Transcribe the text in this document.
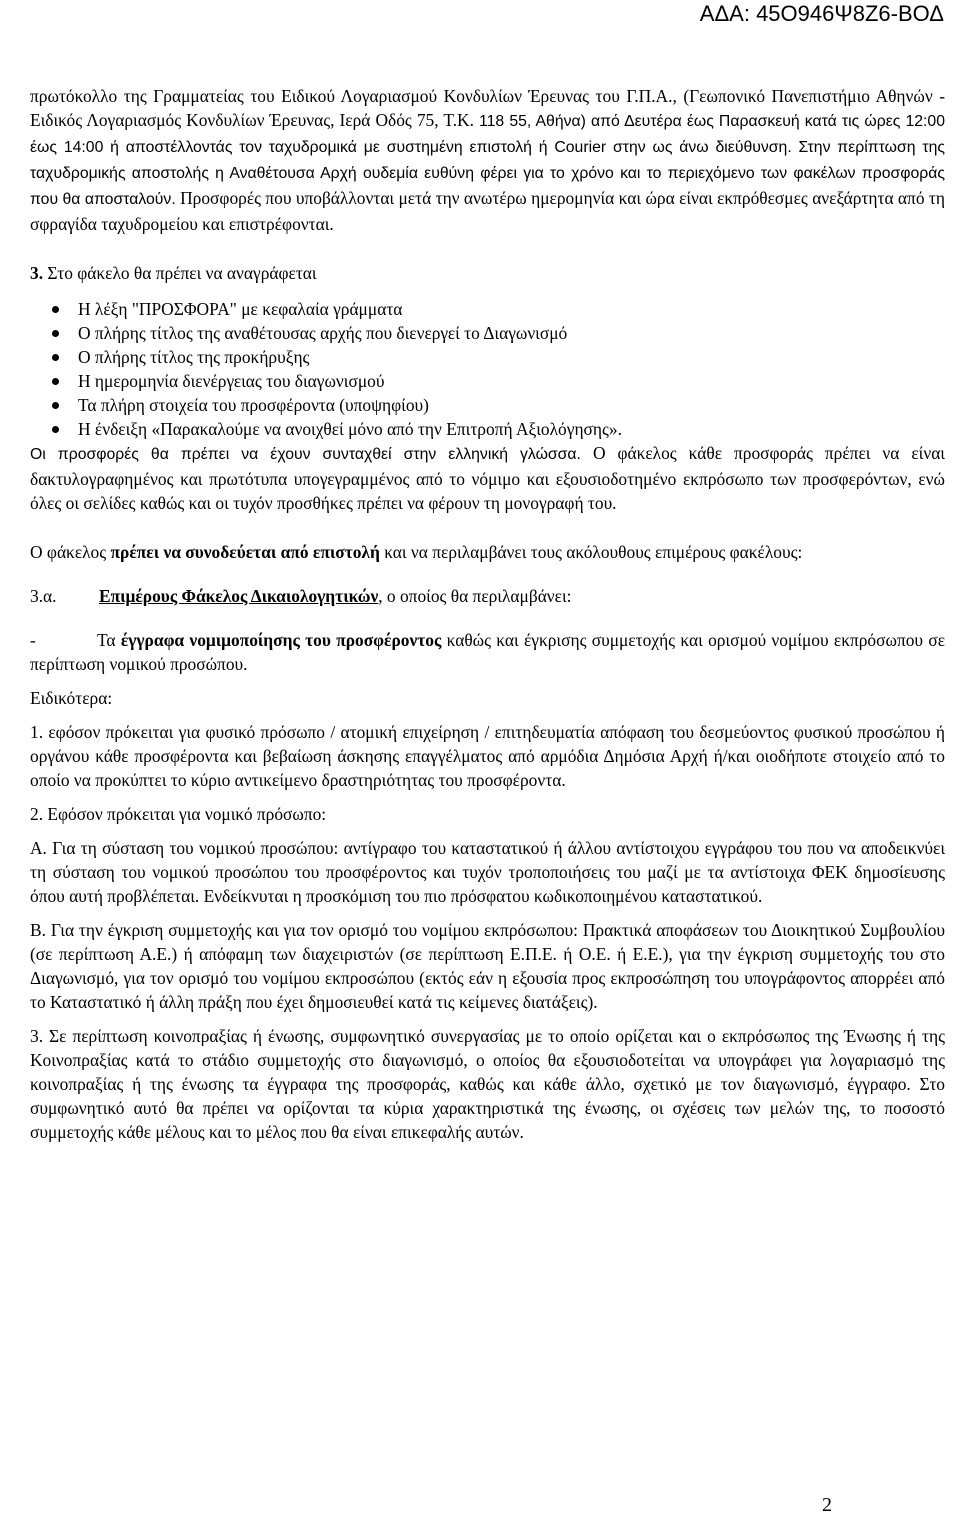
ΑΔΑ: 45Ο946Ψ8Ζ6-ΒΟΔ

πρωτόκολλο της Γραμματείας του Ειδικού Λογαριασμού Κονδυλίων Έρευνας του Γ.Π.Α., (Γεωπονικό Πανεπιστήμιο Αθηνών - Ειδικός Λογαριασμός Κονδυλίων Έρευνας, Ιερά Οδός 75, Τ.Κ. 118 55, Αθήνα) από Δευτέρα έως Παρασκευή κατά τις ώρες 12:00 έως 14:00 ή αποστέλλοντάς τον ταχυδρομικά με συστημένη επιστολή ή Courier στην ως άνω διεύθυνση. Στην περίπτωση της ταχυδρομικής αποστολής η Αναθέτουσα Αρχή ουδεμία ευθύνη φέρει για το χρόνο και το περιεχόμενο των φακέλων προσφοράς που θα αποσταλούν. Προσφορές που υποβάλλονται μετά την ανωτέρω ημερομηνία και ώρα είναι εκπρόθεσμες ανεξάρτητα από τη σφραγίδα ταχυδρομείου και επιστρέφονται.

3. Στο φάκελο θα πρέπει να αναγράφεται

Η λέξη "ΠΡΟΣΦΟΡΑ" με κεφαλαία γράμματα
Ο πλήρης τίτλος της αναθέτουσας αρχής που διενεργεί το Διαγωνισμό
Ο πλήρης τίτλος της προκήρυξης
Η ημερομηνία διενέργειας του διαγωνισμού
Τα πλήρη στοιχεία του προσφέροντα (υποψηφίου)
Η ένδειξη «Παρακαλούμε να ανοιχθεί μόνο από την Επιτροπή Αξιολόγησης».

Οι προσφορές θα πρέπει να έχουν συνταχθεί στην ελληνική γλώσσα. Ο φάκελος κάθε προσφοράς πρέπει να είναι δακτυλογραφημένος και πρωτότυπα υπογεγραμμένος από το νόμιμο και εξουσιοδοτημένο εκπρόσωπο των προσφερόντων, ενώ όλες οι σελίδες καθώς και οι τυχόν προσθήκες πρέπει να φέρουν τη μονογραφή του.

Ο φάκελος πρέπει να συνοδεύεται από επιστολή και να περιλαμβάνει τους ακόλουθους επιμέρους φακέλους:

3.α.	Επιμέρους Φάκελος Δικαιολογητικών, ο οποίος θα περιλαμβάνει:

-	Τα έγγραφα νομιμοποίησης του προσφέροντος καθώς και έγκρισης συμμετοχής και ορισμού νομίμου εκπρόσωπου σε περίπτωση νομικού προσώπου.

Ειδικότερα:

1. εφόσον πρόκειται για φυσικό πρόσωπο / ατομική επιχείρηση / επιτηδευματία απόφαση του δεσμεύοντος φυσικού προσώπου ή οργάνου κάθε προσφέροντα και βεβαίωση άσκησης επαγγέλματος από αρμόδια Δημόσια Αρχή ή/και οιοδήποτε στοιχείο από το οποίο να προκύπτει το κύριο αντικείμενο δραστηριότητας του προσφέροντα.

2. Εφόσον πρόκειται για νομικό πρόσωπο:

Α. Για τη σύσταση του νομικού προσώπου: αντίγραφο του καταστατικού ή άλλου αντίστοιχου εγγράφου του που να αποδεικνύει τη σύσταση του νομικού προσώπου του προσφέροντος και τυχόν τροποποιήσεις του μαζί με τα αντίστοιχα ΦΕΚ δημοσίευσης όπου αυτή προβλέπεται. Ενδείκνυται η προσκόμιση του πιο πρόσφατου κωδικοποιημένου καταστατικού.

Β. Για την έγκριση συμμετοχής και για τον ορισμό του νομίμου εκπρόσωπου: Πρακτικά αποφάσεων του Διοικητικού Συμβουλίου (σε περίπτωση Α.Ε.) ή απόφαμη των διαχειριστών (σε περίπτωση Ε.Π.Ε. ή Ο.Ε. ή Ε.Ε.), για την έγκριση συμμετοχής του στο Διαγωνισμό, για τον ορισμό του νομίμου εκπροσώπου (εκτός εάν η εξουσία προς εκπροσώπηση του υπογράφοντος απορρέει από το Καταστατικό ή άλλη πράξη που έχει δημοσιευθεί κατά τις κείμενες διατάξεις).

3. Σε περίπτωση κοινοπραξίας ή ένωσης, συμφωνητικό συνεργασίας με το οποίο ορίζεται και ο εκπρόσωπος της Ένωσης ή της Κοινοπραξίας κατά το στάδιο συμμετοχής στο διαγωνισμό, ο οποίος θα εξουσιοδοτείται να υπογράφει για λογαριασμό της κοινοπραξίας ή της ένωσης τα έγγραφα της προσφοράς, καθώς και κάθε άλλο, σχετικό με τον διαγωνισμό, έγγραφο. Στο συμφωνητικό αυτό θα πρέπει να ορίζονται τα κύρια χαρακτηριστικά της ένωσης, οι σχέσεις των μελών της, το ποσοστό συμμετοχής κάθε μέλους και το μέλος που θα είναι επικεφαλής αυτών.

2
